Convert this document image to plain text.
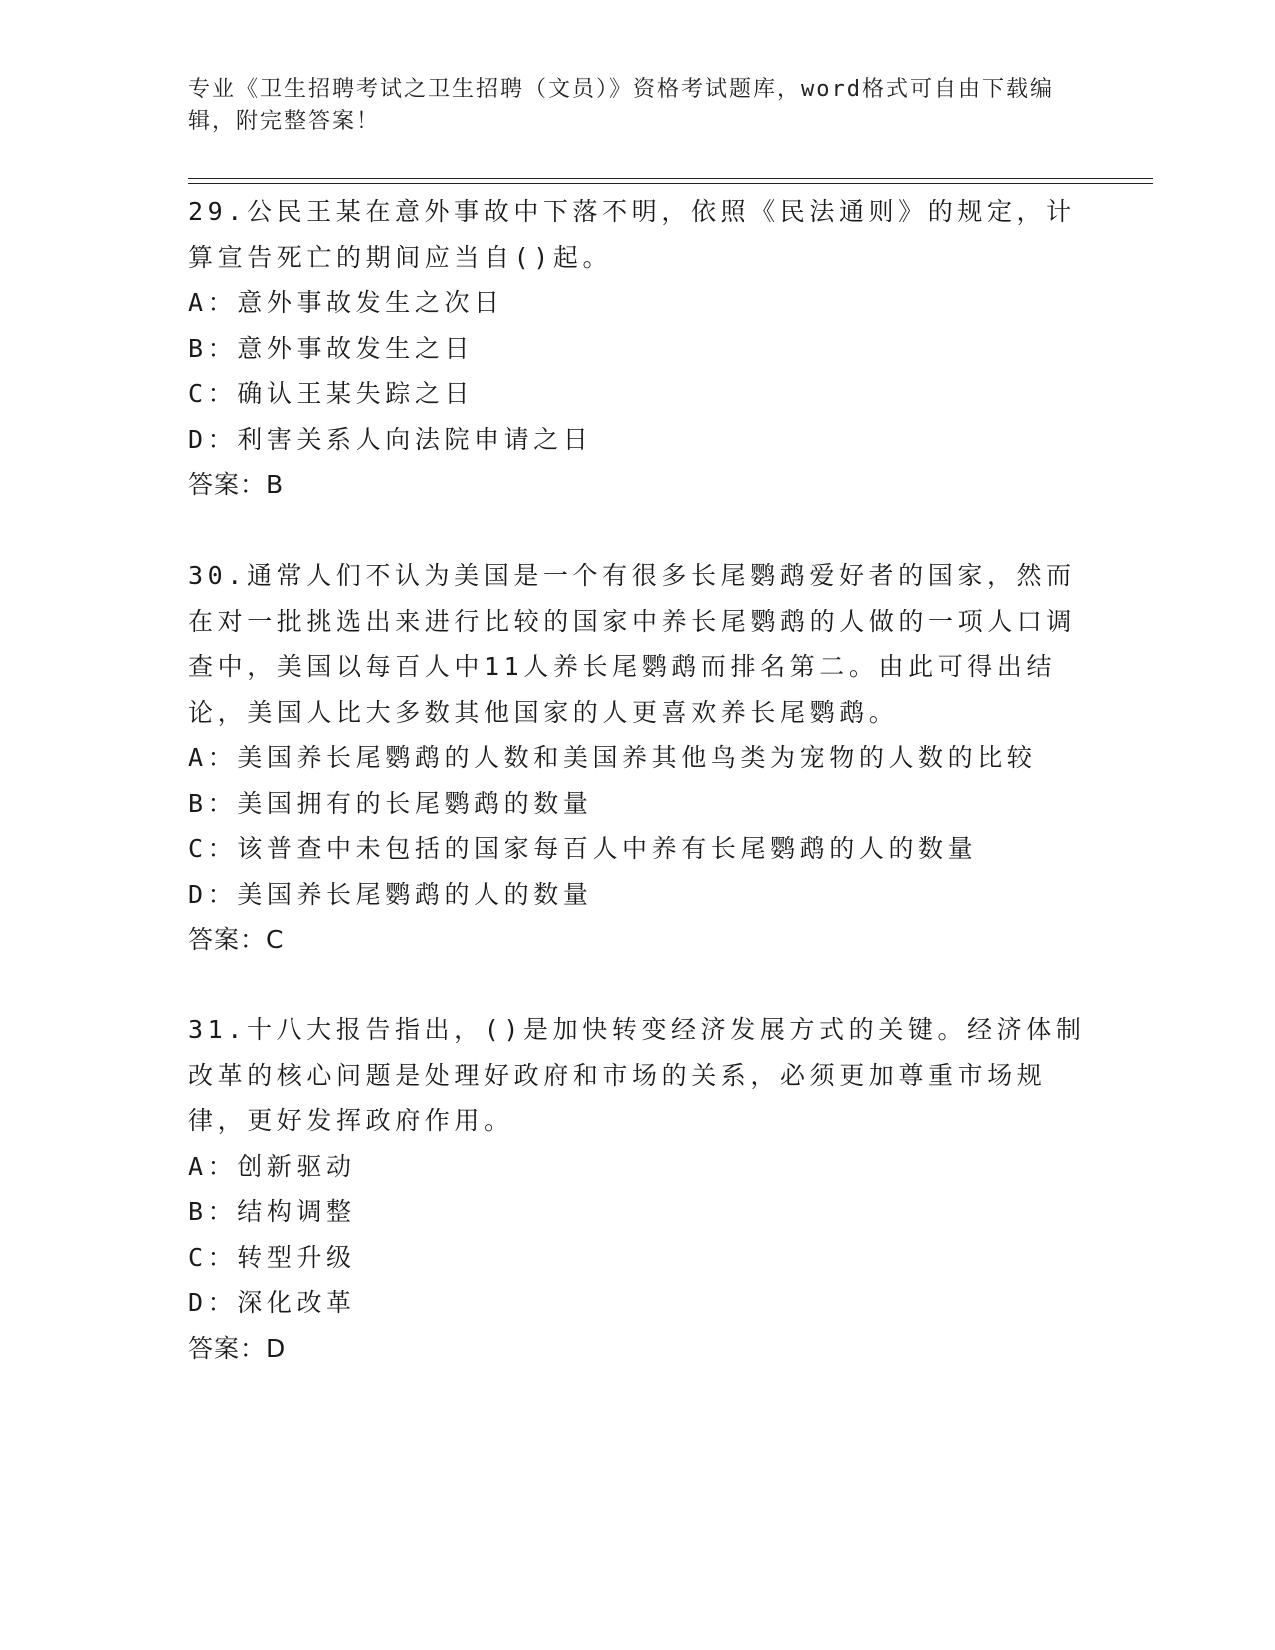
专业《卫生招聘考试之卫生招聘（文员）》资格考试题库，word格式可自由下载编辑，附完整答案！

29.公民王某在意外事故中下落不明，依照《民法通则》的规定，计算宣告死亡的期间应当自()起。

A：意外事故发生之次日

B：意外事故发生之日

C：确认王某失踪之日

D：利害关系人向法院申请之日

答案：B

30.通常人们不认为美国是一个有很多长尾鹦鹉爱好者的国家，然而在对一批挑选出来进行比较的国家中养长尾鹦鹉的人做的一项人口调查中，美国以每百人中11人养长尾鹦鹉而排名第二。由此可得出结论，美国人比大多数其他国家的人更喜欢养长尾鹦鹉。

A：美国养长尾鹦鹉的人数和美国养其他鸟类为宠物的人数的比较

B：美国拥有的长尾鹦鹉的数量

C：该普查中未包括的国家每百人中养有长尾鹦鹉的人的数量

D：美国养长尾鹦鹉的人的数量

答案：C

31.十八大报告指出，()是加快转变经济发展方式的关键。经济体制改革的核心问题是处理好政府和市场的关系，必须更加尊重市场规律，更好发挥政府作用。

A：创新驱动

B：结构调整

C：转型升级

D：深化改革

答案：D
